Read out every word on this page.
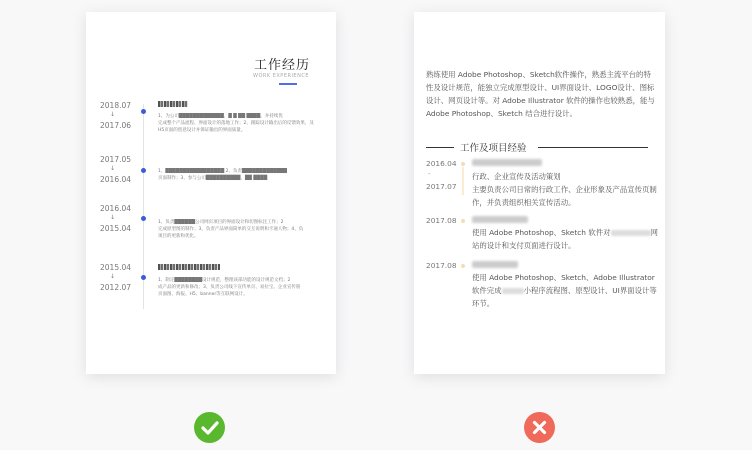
工作经历
WORK EXPERIENCE
2018.07
↓
2017.06
1、为公司█████████████，█ █ ██ ████，并持续优
完成整个产品流程、界面设计的落地工作；2、跟踪设计输出后的反馈效果，及
H5页面的创意设计并保证输出的界面质量。
2017.05
↓
2016.04
1、█████████████████ 2、负责█████████████
页面制作；3、参与公司██████████，██ ████
2016.04
↓
2015.04
1、负责██████公司网页项目的界面设计和切图标注工作；2
完成原型图的制作；3、负责产品界面简单的交互说明和卡通人物；4、负
项目的更新和优化。
2015.04
↓
2012.07
1、制定████████设计规范，整理该部功能的设计规范文档；2
成产品的更新和修改；3、负责公司线下宣传单页、易拉宝、企业宣传册
页面图、海报、H5、banner等互联网设计。
熟练使用 Adobe Photoshop、Sketch软件操作，熟悉主流平台的特性及设计规范，能独立完成原型设计、UI界面设计、LOGO设计、图标设计、网页设计等。对 Adobe Illustrator 软件的操作也较熟悉，能与 Adobe Photoshop、Sketch 结合进行设计。
工作及项目经验
2016.04
-
2017.07
行政、企业宣传及活动策划
主要负责公司日常的行政工作、企业形象及产品宣传页制作，并负责组织相关宣传活动。
2017.08
使用 Adobe Photoshop、Sketch 软件对	网站的设计和支付页面进行设计。
2017.08
使用 Adobe Photoshop、Sketch、Adobe Illustrator 软件完成	小程序流程图、原型设计、UI界面设计等环节。
